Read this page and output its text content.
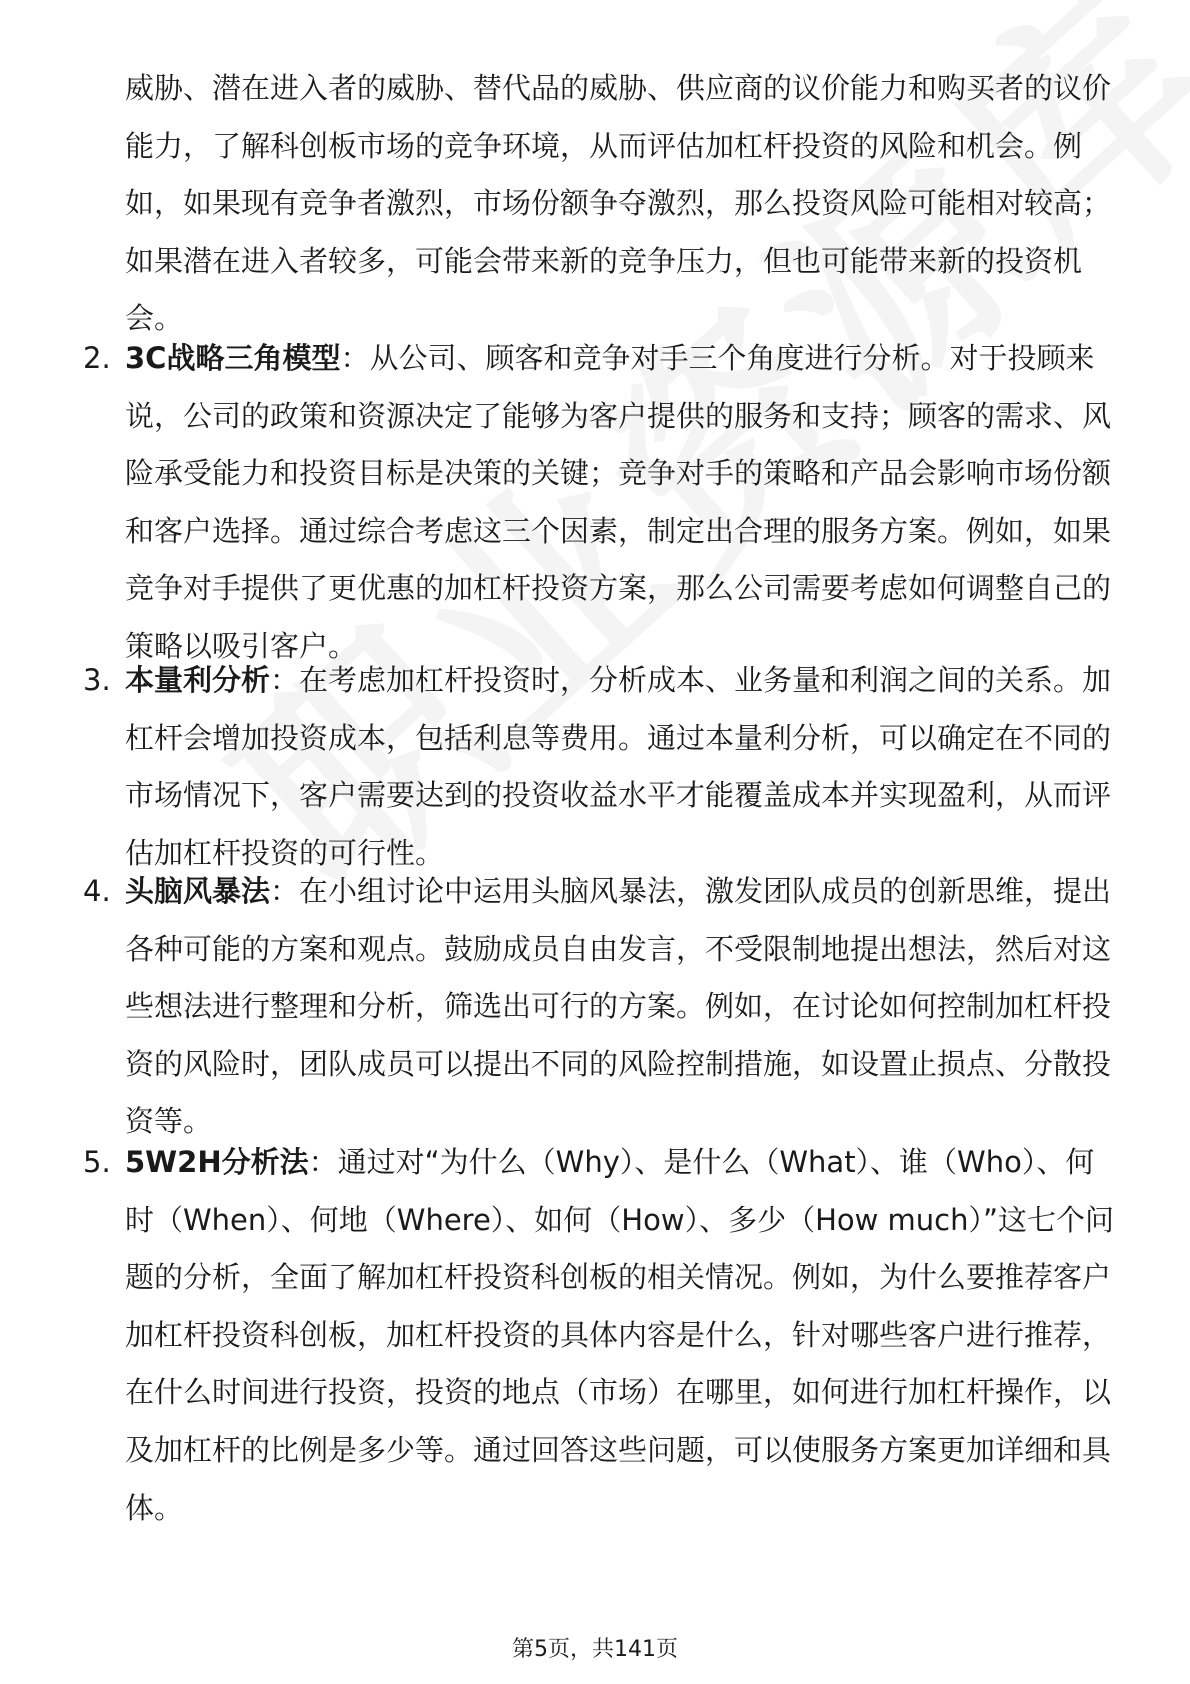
威胁、潜在进入者的威胁、替代品的威胁、供应商的议价能力和购买者的议价能力，了解科创板市场的竞争环境，从而评估加杠杆投资的风险和机会。例如，如果现有竞争者激烈，市场份额争夺激烈，那么投资风险可能相对较高；如果潜在进入者较多，可能会带来新的竞争压力，但也可能带来新的投资机会。

2. 3C战略三角模型：从公司、顾客和竞争对手三个角度进行分析。对于投顾来说，公司的政策和资源决定了能够为客户提供的服务和支持；顾客的需求、风险承受能力和投资目标是决策的关键；竞争对手的策略和产品会影响市场份额和客户选择。通过综合考虑这三个因素，制定出合理的服务方案。例如，如果竞争对手提供了更优惠的加杠杆投资方案，那么公司需要考虑如何调整自己的策略以吸引客户。

3. 本量利分析：在考虑加杠杆投资时，分析成本、业务量和利润之间的关系。加杠杆会增加投资成本，包括利息等费用。通过本量利分析，可以确定在不同的市场情况下，客户需要达到的投资收益水平才能覆盖成本并实现盈利，从而评估加杠杆投资的可行性。

4. 头脑风暴法：在小组讨论中运用头脑风暴法，激发团队成员的创新思维，提出各种可能的方案和观点。鼓励成员自由发言，不受限制地提出想法，然后对这些想法进行整理和分析，筛选出可行的方案。例如，在讨论如何控制加杠杆投资的风险时，团队成员可以提出不同的风险控制措施，如设置止损点、分散投资等。

5. 5W2H分析法：通过对“为什么（Why）、是什么（What）、谁（Who）、何时（When）、何地（Where）、如何（How）、多少（How much）”这七个问题的分析，全面了解加杠杆投资科创板的相关情况。例如，为什么要推荐客户加杠杆投资科创板，加杠杆投资的具体内容是什么，针对哪些客户进行推荐，在什么时间进行投资，投资的地点（市场）在哪里，如何进行加杠杆操作，以及加杠杆的比例是多少等。通过回答这些问题，可以使服务方案更加详细和具体。

第5页，共141页
